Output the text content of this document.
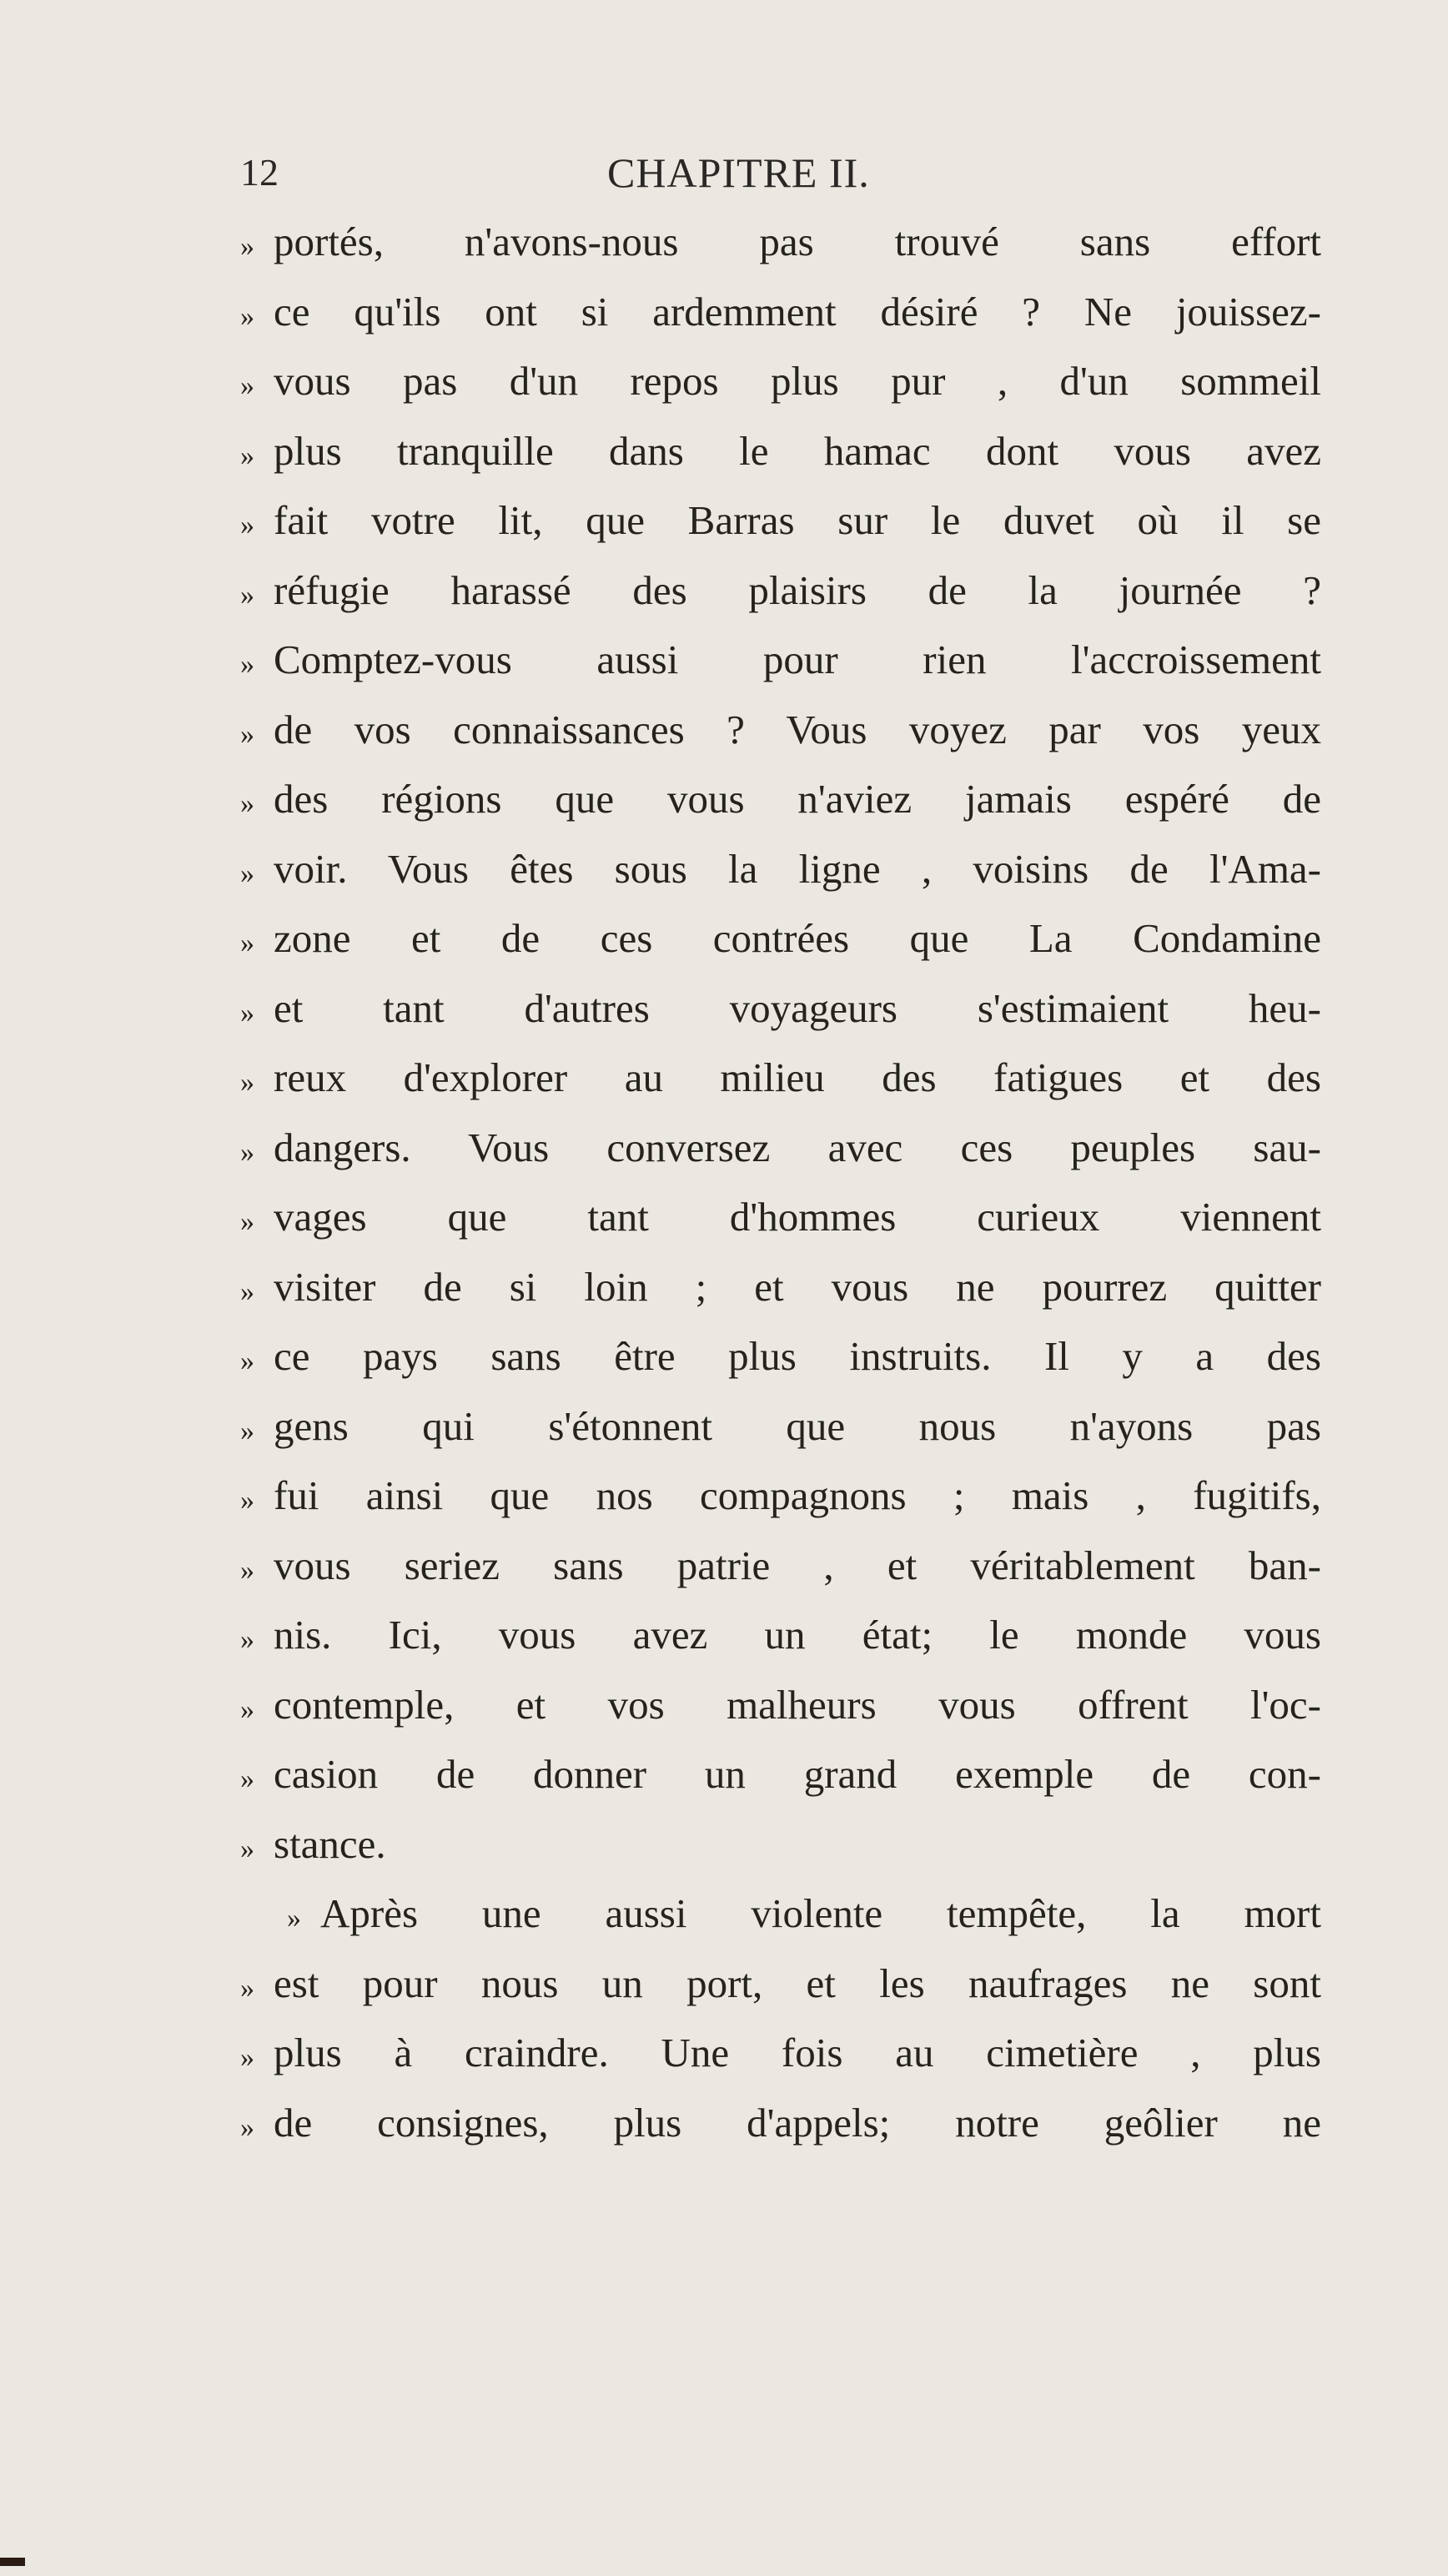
12	CHAPITRE II.
» portés, n'avons-nous pas trouvé sans effort
» ce qu'ils ont si ardemment désiré ? Ne jouissez-
» vous pas d'un repos plus pur , d'un sommeil
» plus tranquille dans le hamac dont vous avez
» fait votre lit, que Barras sur le duvet où il se
» réfugie harassé des plaisirs de la journée ?
» Comptez-vous aussi pour rien l'accroissement
» de vos connaissances ? Vous voyez par vos yeux
» des régions que vous n'aviez jamais espéré de
» voir. Vous êtes sous la ligne , voisins de l'Ama-
» zone et de ces contrées que La Condamine
» et tant d'autres voyageurs s'estimaient heu-
» reux d'explorer au milieu des fatigues et des
» dangers. Vous conversez avec ces peuples sau-
» vages que tant d'hommes curieux viennent
» visiter de si loin ; et vous ne pourrez quitter
» ce pays sans être plus instruits. Il y a des
» gens qui s'étonnent que nous n'ayons pas
» fui ainsi que nos compagnons ; mais , fugitifs,
» vous seriez sans patrie , et véritablement ban-
» nis. Ici, vous avez un état; le monde vous
» contemple, et vos malheurs vous offrent l'oc-
» casion de donner un grand exemple de con-
» stance.
» Après une aussi violente tempête, la mort
» est pour nous un port, et les naufrages ne sont
» plus à craindre. Une fois au cimetière , plus
» de consignes, plus d'appels; notre geôlier ne
